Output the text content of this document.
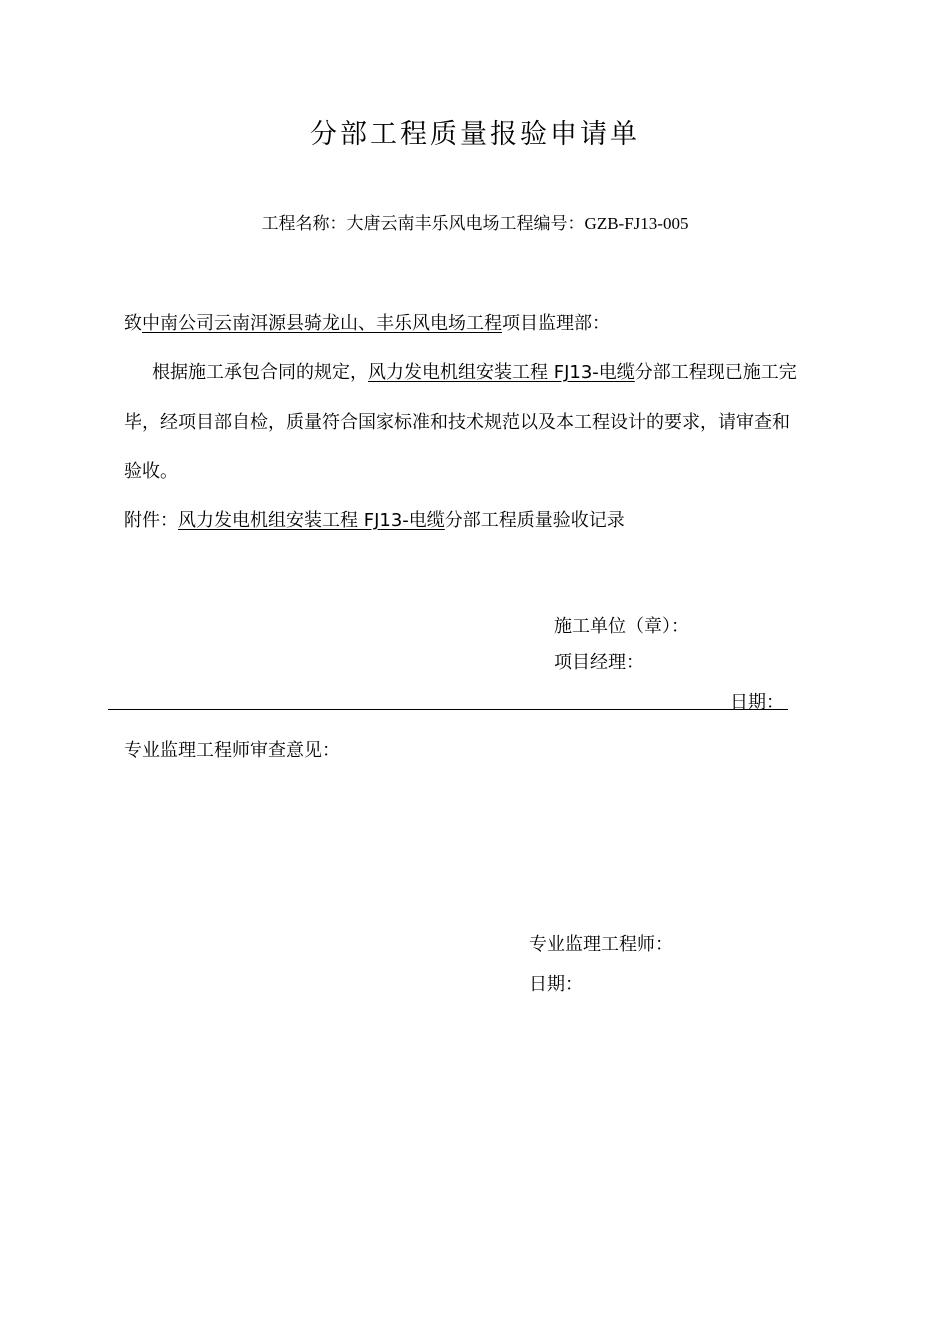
分部工程质量报验申请单
工程名称：大唐云南丰乐风电场工程编号：GZB-FJ13-005
致中南公司云南洱源县骑龙山、丰乐风电场工程项目监理部：
根据施工承包合同的规定，风力发电机组安装工程 FJ13-电缆分部工程现已施工完
毕，经项目部自检，质量符合国家标准和技术规范以及本工程设计的要求，请审查和
验收。
附件：风力发电机组安装工程 FJ13-电缆分部工程质量验收记录
施工单位（章）：
项目经理：
日期：
专业监理工程师审查意见：
专业监理工程师：
日期：
